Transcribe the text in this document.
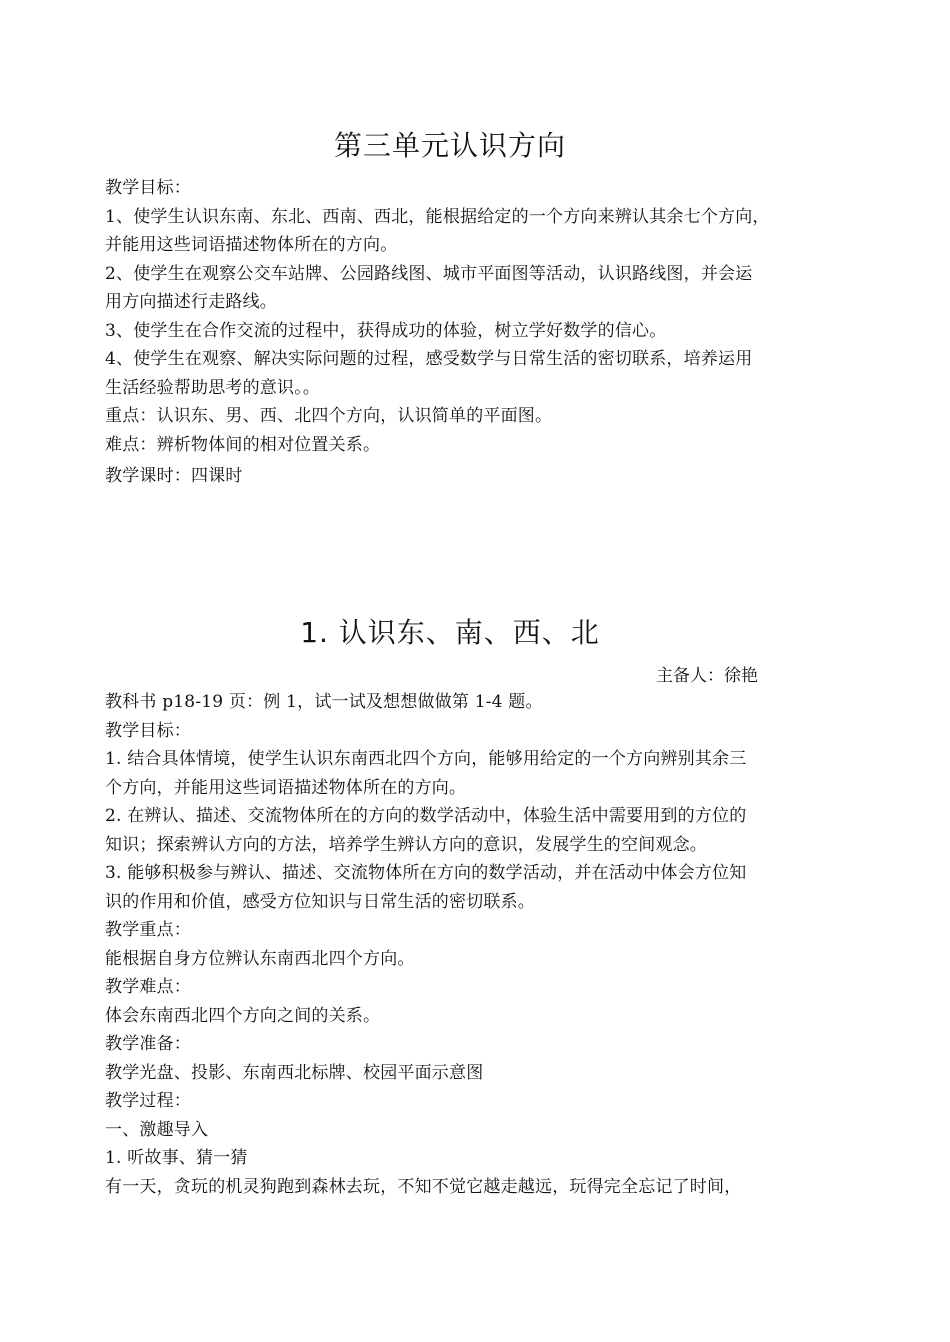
第三单元认识方向

教学目标：

1、使学生认识东南、东北、西南、西北，能根据给定的一个方向来辨认其余七个方向，

并能用这些词语描述物体所在的方向。

2、使学生在观察公交车站牌、公园路线图、城市平面图等活动，认识路线图，并会运

用方向描述行走路线。

3、使学生在合作交流的过程中，获得成功的体验，树立学好数学的信心。

4、使学生在观察、解决实际问题的过程，感受数学与日常生活的密切联系，培养运用

生活经验帮助思考的意识。。

重点：认识东、男、西、北四个方向，认识简单的平面图。

难点：辨析物体间的相对位置关系。

教学课时：四课时

1. 认识东、南、西、北
主备人：徐艳

教科书 p18-19 页：例 1，试一试及想想做做第 1-4 题。

教学目标：

1. 结合具体情境，使学生认识东南西北四个方向，能够用给定的一个方向辨别其余三

个方向，并能用这些词语描述物体所在的方向。

2. 在辨认、描述、交流物体所在的方向的数学活动中，体验生活中需要用到的方位的

知识；探索辨认方向的方法，培养学生辨认方向的意识，发展学生的空间观念。

3. 能够积极参与辨认、描述、交流物体所在方向的数学活动，并在活动中体会方位知

识的作用和价值，感受方位知识与日常生活的密切联系。

教学重点：

能根据自身方位辨认东南西北四个方向。

教学难点：

体会东南西北四个方向之间的关系。

教学准备：

教学光盘、投影、东南西北标牌、校园平面示意图

教学过程：

一、激趣导入

1. 听故事、猜一猜

有一天，贪玩的机灵狗跑到森林去玩，不知不觉它越走越远，玩得完全忘记了时间，
